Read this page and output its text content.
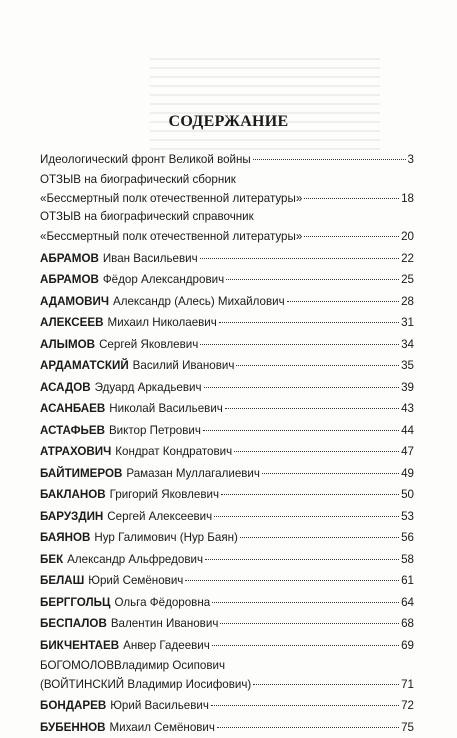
СОДЕРЖАНИЕ
Идеологический фронт Великой войны	3
ОТЗЫВ на биографический сборник
«Бессмертный полк отечественной литературы»	18
ОТЗЫВ на биографический справочник
«Бессмертный полк отечественной литературы»	20
АБРАМОВ Иван Васильевич	22
АБРАМОВ Фёдор Александрович	25
АДАМОВИЧ Александр (Алесь) Михайлович	28
АЛЕКСЕЕВ Михаил Николаевич	31
АЛЫМОВ Сергей Яковлевич	34
АРДАМАТСКИЙ Василий Иванович	35
АСАДОВ Эдуард Аркадьевич	39
АСАНБАЕВ Николай Васильевич	43
АСТАФЬЕВ Виктор Петрович	44
АТРАХОВИЧ Кондрат Кондратович	47
БАЙТИМЕРОВ Рамазан Муллагалиевич	49
БАКЛАНОВ Григорий Яковлевич	50
БАРУЗДИН Сергей Алексеевич	53
БАЯНОВ Нур Галимович (Нур Баян)	56
БЕК Александр Альфредович	58
БЕЛАШ Юрий Семёнович	61
БЕРГГОЛЬЦ Ольга Фёдоровна	64
БЕСПАЛОВ Валентин Иванович	68
БИКЧЕНТАЕВ Анвер Гадеевич	69
БОГОМОЛОВВладимир Осипович
(ВОЙТИНСКИЙ Владимир Иосифович)	71
БОНДАРЕВ Юрий Васильевич	72
БУБЕННОВ Михаил Семёнович	75
